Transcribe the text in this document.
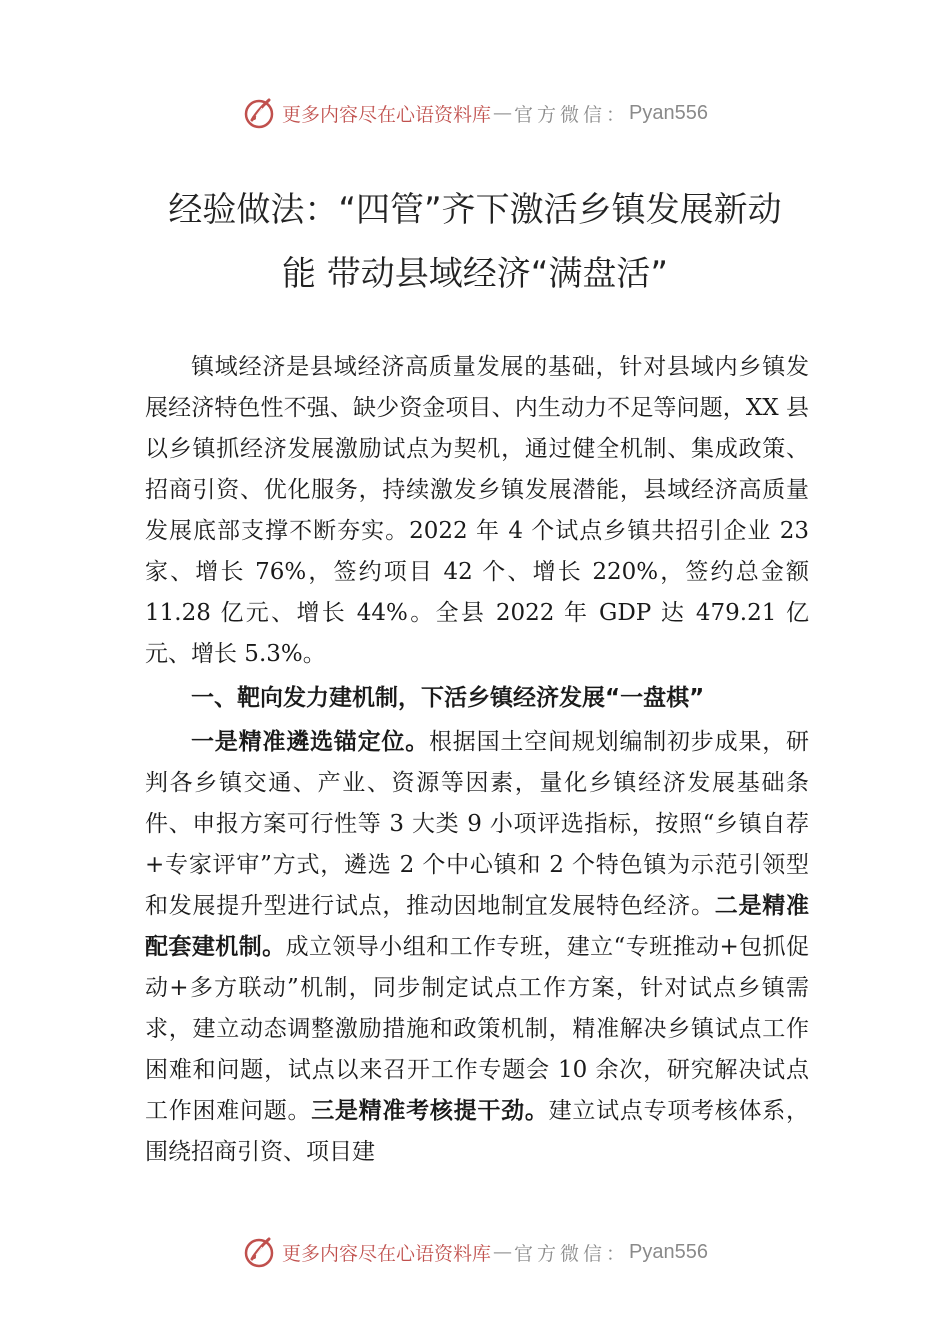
更多内容尽在心语资料库 — 官方微信： Pyan556
经验做法：“四管”齐下激活乡镇发展新动
能 带动县域经济“满盘活”

镇域经济是县域经济高质量发展的基础，针对县域内乡镇发展经济特色性不强、缺少资金项目、内生动力不足等问题，XX 县以乡镇抓经济发展激励试点为契机，通过健全机制、集成政策、招商引资、优化服务，持续激发乡镇发展潜能，县域经济高质量发展底部支撑不断夯实。2022 年 4 个试点乡镇共招引企业 23 家、增长 76%，签约项目 42 个、增长 220%，签约总金额 11.28 亿元、增长 44%。全县 2022 年 GDP 达 479.21 亿元、增长 5.3%。

一、靶向发力建机制，下活乡镇经济发展“一盘棋”

一是精准遴选锚定位。根据国土空间规划编制初步成果，研判各乡镇交通、产业、资源等因素，量化乡镇经济发展基础条件、申报方案可行性等 3 大类 9 小项评选指标，按照“乡镇自荐+专家评审”方式，遴选 2 个中心镇和 2 个特色镇为示范引领型和发展提升型进行试点，推动因地制宜发展特色经济。二是精准配套建机制。成立领导小组和工作专班，建立“专班推动+包抓促动+多方联动”机制，同步制定试点工作方案，针对试点乡镇需求，建立动态调整激励措施和政策机制，精准解决乡镇试点工作困难和问题，试点以来召开工作专题会 10 余次，研究解决试点工作困难问题。三是精准考核提干劲。建立试点专项考核体系，围绕招商引资、项目建

更多内容尽在心语资料库 — 官方微信： Pyan556
